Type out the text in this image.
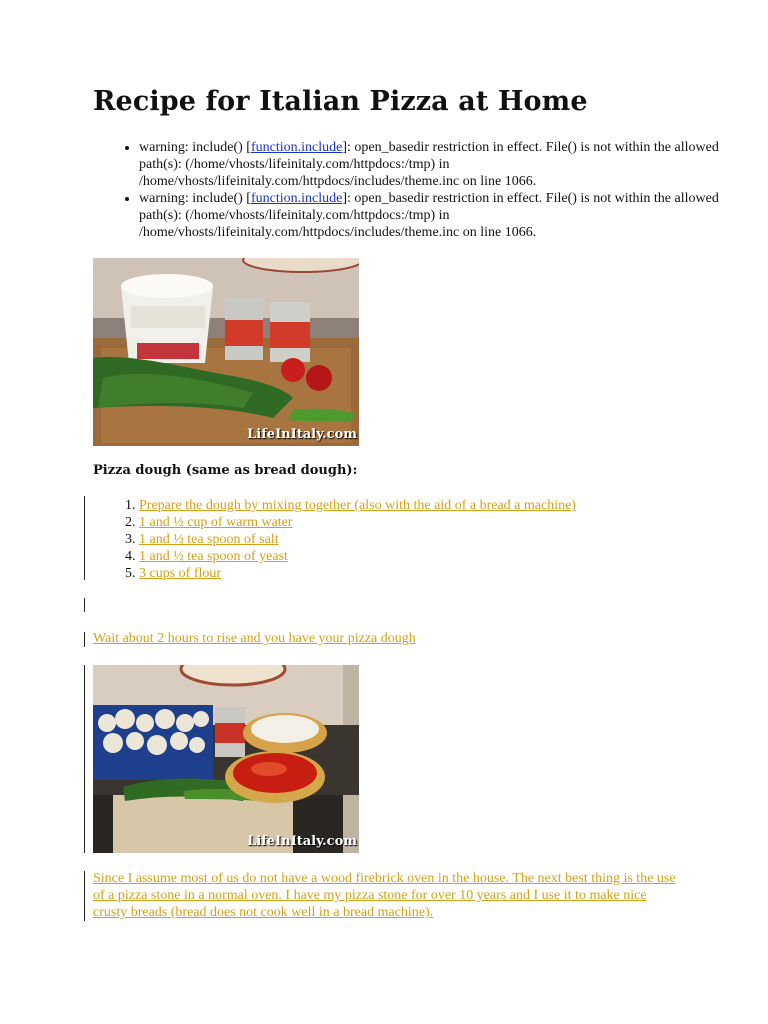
Recipe for Italian Pizza at Home
• warning: include() [function.include]: open_basedir restriction in effect. File() is not within the allowed path(s): (/home/vhosts/lifeinitaly.com/httpdocs:/tmp) in /home/vhosts/lifeinitaly.com/httpdocs/includes/theme.inc on line 1066.
• warning: include() [function.include]: open_basedir restriction in effect. File() is not within the allowed path(s): (/home/vhosts/lifeinitaly.com/httpdocs:/tmp) in /home/vhosts/lifeinitaly.com/httpdocs/includes/theme.inc on line 1066.
LifeInItaly.com

Pizza dough (same as bread dough):

1. Prepare the dough by mixing together (also with the aid of a bread a machine)
2. 1 and ½ cup of warm water
3. 1 and ½ tea spoon of salt
4. 1 and ½ tea spoon of yeast
5. 3 cups of flour
Wait about 2 hours to rise and you have your pizza dough
LifeInItaly.com
Since I assume most of us do not have a wood firebrick oven in the house. The next best thing is the use of a pizza stone in a normal oven. I have my pizza stone for over 10 years and I use it to make nice crusty breads (bread does not cook well in a bread machine).
